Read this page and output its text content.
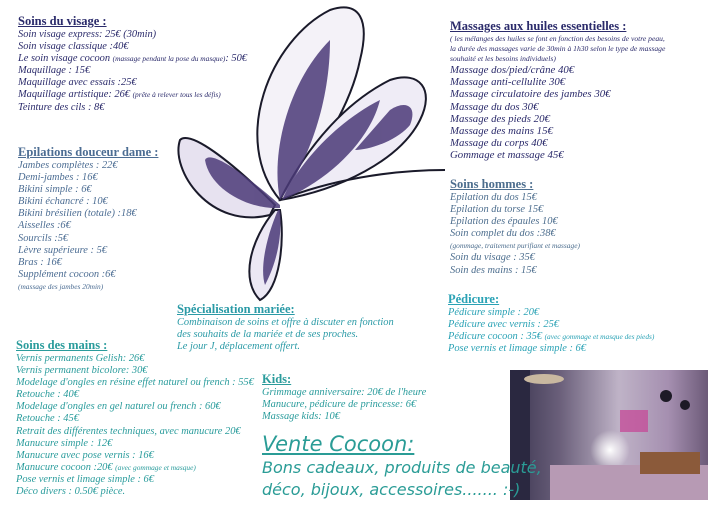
Soins du visage :
Soin visage express: 25€ (30min)
Soin visage classique :40€
Le soin visage cocoon (massage pendant la pose du masque): 50€
Maquillage : 15€
Maquillage avec essais :25€
Maquillage artistique: 26€ (prête à relever tous les défis)
Teinture des cils : 8€
Epilations douceur dame :
Jambes complètes : 22€
Demi-jambes : 16€
Bikini simple : 6€
Bikini échancré : 10€
Bikini brésilien (totale) :18€
Aisselles :6€
Sourcils :5€
Lèvre supérieure : 5€
Bras : 16€
Supplément cocoon :6€
(massage des jambes 20min)
Massages aux huiles essentielles :
( les mélanges des huiles se font en fonction des besoins de votre peau,
la durée des massages varie de 30min à 1h30 selon le type de massage
souhaité et les besoins individuels)
Massage dos/pied/crâne 40€
Massage anti-cellulite 30€
Massage circulatoire des jambes 30€
Massage du dos 30€
Massage des pieds 20€
Massage des mains 15€
Massage du corps 40€
Gommage et massage 45€
Soins hommes :
Epilation du dos 15€
Epilation du torse 15€
Epilation des épaules 10€
Soin complet du dos :38€
(gommage, traitement purifiant et massage)
Soin du visage : 35€
Soin des mains : 15€
Pédicure:
Pédicure simple : 20€
Pédicure avec vernis : 25€
Pédicure cocoon : 35€ (avec gommage et masque des pieds)
Pose vernis et limage simple : 6€
Spécialisation mariée:
Combinaison de soins et offre à discuter en fonction
des souhaits de la mariée et de ses proches.
Le jour J, déplacement offert.
Soins des mains :
Vernis permanents Gelish: 26€
Vernis permanent bicolore: 30€
Modelage d'ongles en résine effet naturel ou french : 55€
Retouche : 40€
Modelage d'ongles en gel naturel ou french : 60€
Retouche : 45€
Retrait des différentes techniques, avec manucure 20€
Manucure simple : 12€
Manucure avec pose vernis : 16€
Manucure cocoon :20€ (avec gommage et masque)
Pose vernis et limage simple : 6€
Déco divers : 0.50€ pièce.
Kids:
Grimmage anniversaire: 20€ de l'heure
Manucure, pédicure de princesse: 6€
Massage kids: 10€
Vente Cocoon:
Bons cadeaux, produits de beauté,
déco, bijoux, accessoires....... :-)
